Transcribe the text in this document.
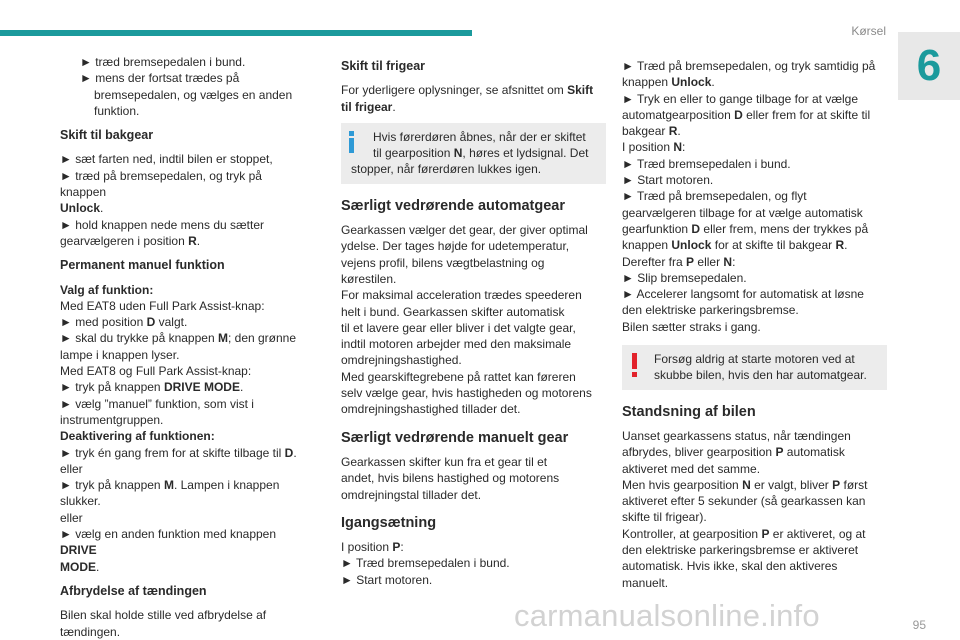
Kørsel
6
► træd bremsepedalen i bund.
► mens der fortsat trædes på
bremsepedalen, og vælges en anden
funktion.
Skift til bakgear
► sæt farten ned, indtil bilen er stoppet,
► træd på bremsepedalen, og tryk på knappen
Unlock.
► hold knappen nede mens du sætter
gearvælgeren i position R.
Permanent manuel funktion
Valg af funktion:
Med EAT8 uden Full Park Assist-knap:
► med position D valgt.
► skal du trykke på knappen M; den grønne
lampe i knappen lyser.
Med EAT8 og Full Park Assist-knap:
► tryk på knappen DRIVE MODE.
► vælg ”manuel” funktion, som vist i
instrumentgruppen.
Deaktivering af funktionen:
► tryk én gang frem for at skifte tilbage til D.
eller
► tryk på knappen M. Lampen i knappen
slukker.
eller
► vælg en anden funktion med knappen DRIVE
MODE.
Afbrydelse af tændingen
Bilen skal holde stille ved afbrydelse af
tændingen.
Skift til frigear
For yderligere oplysninger, se afsnittet om Skift
til frigear.
Hvis førerdøren åbnes, når der er skiftet
til gearposition N, høres et lydsignal. Det
stopper, når førerdøren lukkes igen.
Særligt vedrørende automatgear
Gearkassen vælger det gear, der giver optimal
ydelse. Der tages højde for udetemperatur,
vejens profil, bilens vægtbelastning og
kørestilen.
For maksimal acceleration trædes speederen
helt i bund. Gearkassen skifter automatisk
til et lavere gear eller bliver i det valgte gear,
indtil motoren arbejder med den maksimale
omdrejningshastighed.
Med gearskiftegrebene på rattet kan føreren
selv vælge gear, hvis hastigheden og motorens
omdrejningshastighed tillader det.
Særligt vedrørende manuelt gear
Gearkassen skifter kun fra et gear til et
andet, hvis bilens hastighed og motorens
omdrejningstal tillader det.
Igangsætning
I position P:
► Træd bremsepedalen i bund.
► Start motoren.
► Træd på bremsepedalen, og tryk samtidig på
knappen Unlock.
► Tryk en eller to gange tilbage for at vælge
automatgearposition D eller frem for at skifte til
bakgear R.
I position N:
► Træd bremsepedalen i bund.
► Start motoren.
► Træd på bremsepedalen, og flyt
gearvælgeren tilbage for at vælge automatisk
gearfunktion D eller frem, mens der trykkes på
knappen Unlock for at skifte til bakgear R.
Derefter fra P eller N:
► Slip bremsepedalen.
► Accelerer langsomt for automatisk at løsne
den elektriske parkeringsbremse.
Bilen sætter straks i gang.
Forsøg aldrig at starte motoren ved at
skubbe bilen, hvis den har automatgear.
Standsning af bilen
Uanset gearkassens status, når tændingen
afbrydes, bliver gearposition P automatisk
aktiveret med det samme.
Men hvis gearposition N er valgt, bliver P først
aktiveret efter 5 sekunder (så gearkassen kan
skifte til frigear).
Kontroller, at gearposition P er aktiveret, og at
den elektriske parkeringsbremse er aktiveret
automatisk. Hvis ikke, skal den aktiveres
manuelt.
95
carmanualsonline.info
